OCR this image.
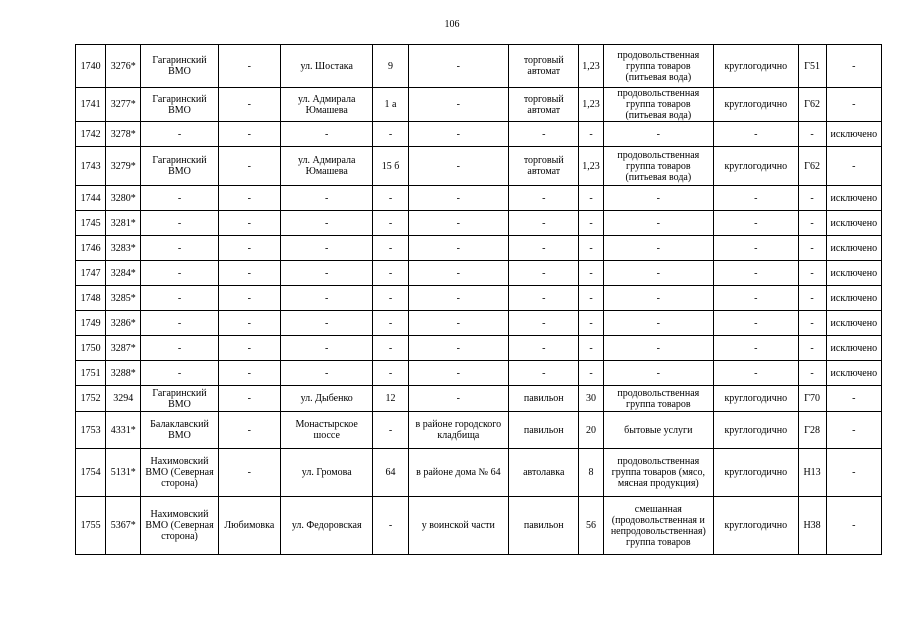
106
1740	3276*	Гагаринский ВМО	-	ул. Шостака	9	-	торговый автомат	1,23	продовольственная группа товаров (питьевая вода)	круглогодично	Г51	-
1741	3277*	Гагаринский ВМО	-	ул. Адмирала Юмашева	1 а	-	торговый автомат	1,23	продовольственная группа товаров (питьевая вода)	круглогодично	Г62	-
1742	3278*	-	-	-	-	-	-	-	-	-	-	исключено
1743	3279*	Гагаринский ВМО	-	ул. Адмирала Юмашева	15 б	-	торговый автомат	1,23	продовольственная группа товаров (питьевая вода)	круглогодично	Г62	-
1744	3280*	-	-	-	-	-	-	-	-	-	-	исключено
1745	3281*	-	-	-	-	-	-	-	-	-	-	исключено
1746	3283*	-	-	-	-	-	-	-	-	-	-	исключено
1747	3284*	-	-	-	-	-	-	-	-	-	-	исключено
1748	3285*	-	-	-	-	-	-	-	-	-	-	исключено
1749	3286*	-	-	-	-	-	-	-	-	-	-	исключено
1750	3287*	-	-	-	-	-	-	-	-	-	-	исключено
1751	3288*	-	-	-	-	-	-	-	-	-	-	исключено
1752	3294	Гагаринский ВМО	-	ул. Дыбенко	12	-	павильон	30	продовольственная группа товаров	круглогодично	Г70	-
1753	4331*	Балаклавский ВМО	-	Монастырское шоссе	-	в районе городского кладбища	павильон	20	бытовые услуги	круглогодично	Г28	-
1754	5131*	Нахимовский ВМО (Северная сторона)	-	ул. Громова	64	в районе дома № 64	автолавка	8	продовольственная группа товаров (мясо, мясная продукция)	круглогодично	Н13	-
1755	5367*	Нахимовский ВМО (Северная сторона)	Любимовка	ул. Федоровская	-	у воинской части	павильон	56	смешанная (продовольственная и непродовольственная) группа товаров	круглогодично	Н38	-
